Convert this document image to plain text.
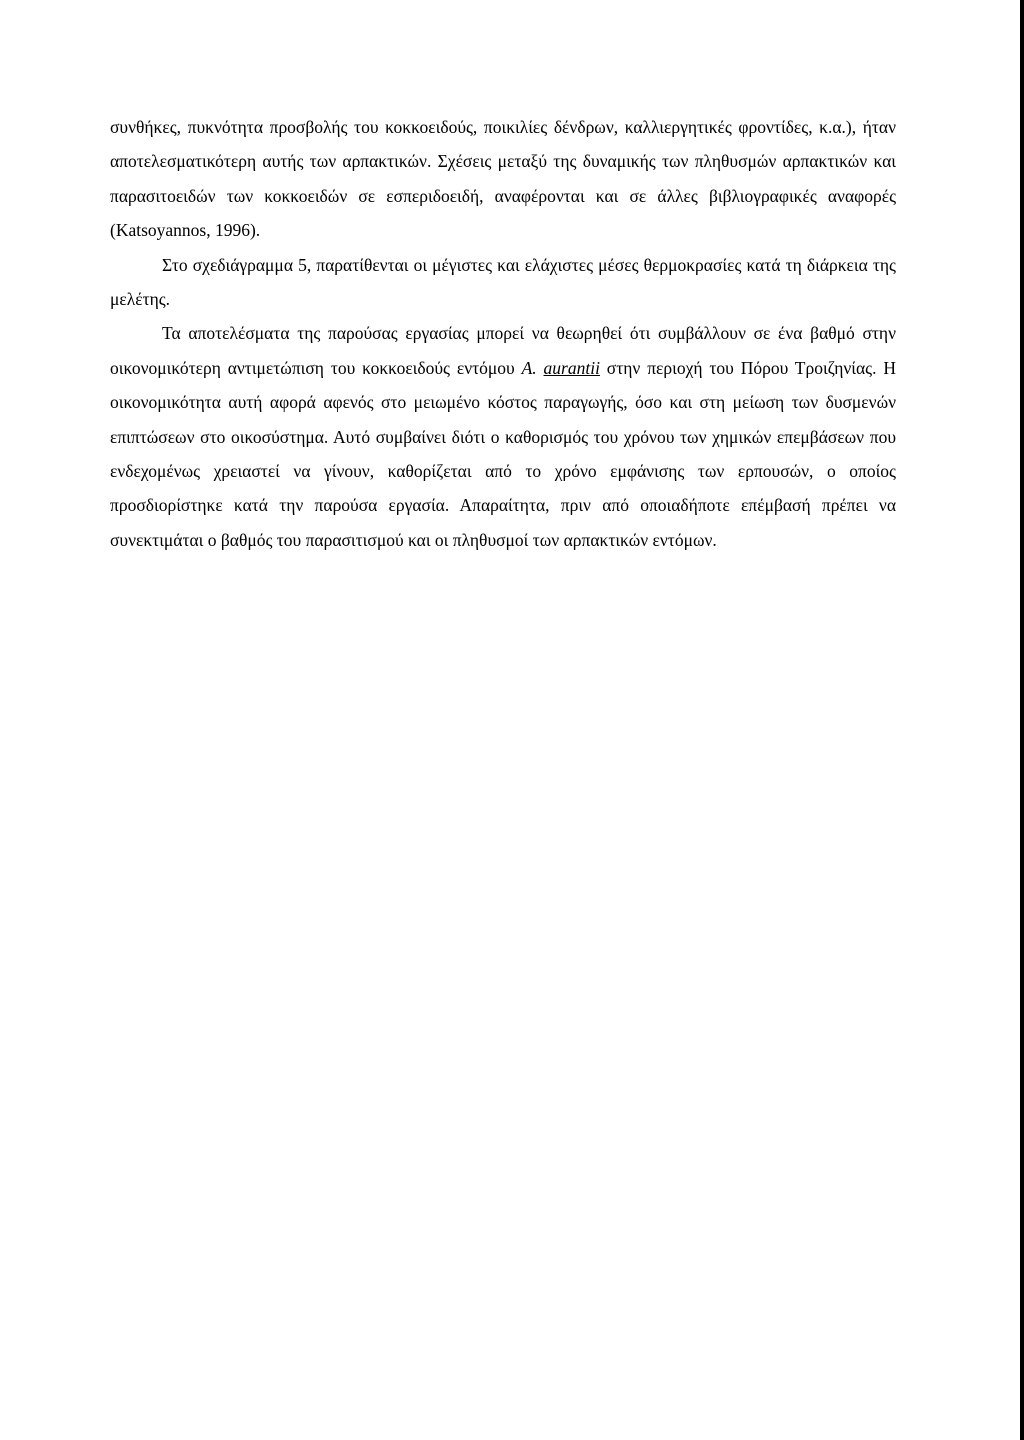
συνθήκες, πυκνότητα προσβολής του κοκκοειδούς, ποικιλίες δένδρων, καλλιεργητικές φροντίδες, κ.α.), ήταν αποτελεσματικότερη αυτής των αρπακτικών. Σχέσεις μεταξύ της δυναμικής των πληθυσμών αρπακτικών και παρασιτοειδών των κοκκοειδών σε εσπεριδοειδή, αναφέρονται και σε άλλες βιβλιογραφικές αναφορές (Katsoyannos, 1996).

Στο σχεδιάγραμμα 5, παρατίθενται οι μέγιστες και ελάχιστες μέσες θερμοκρασίες κατά τη διάρκεια της μελέτης.

Τα αποτελέσματα της παρούσας εργασίας μπορεί να θεωρηθεί ότι συμβάλλουν σε ένα βαθμό στην οικονομικότερη αντιμετώπιση του κοκκοειδούς εντόμου A. aurantii στην περιοχή του Πόρου Τροιζηνίας. Η οικονομικότητα αυτή αφορά αφενός στο μειωμένο κόστος παραγωγής, όσο και στη μείωση των δυσμενών επιπτώσεων στο οικοσύστημα. Αυτό συμβαίνει διότι ο καθορισμός του χρόνου των χημικών επεμβάσεων που ενδεχομένως χρειαστεί να γίνουν, καθορίζεται από το χρόνο εμφάνισης των ερπουσών, ο οποίος προσδιορίστηκε κατά την παρούσα εργασία. Απαραίτητα, πριν από οποιαδήποτε επέμβασή πρέπει να συνεκτιμάται ο βαθμός του παρασιτισμού και οι πληθυσμοί των αρπακτικών εντόμων.
